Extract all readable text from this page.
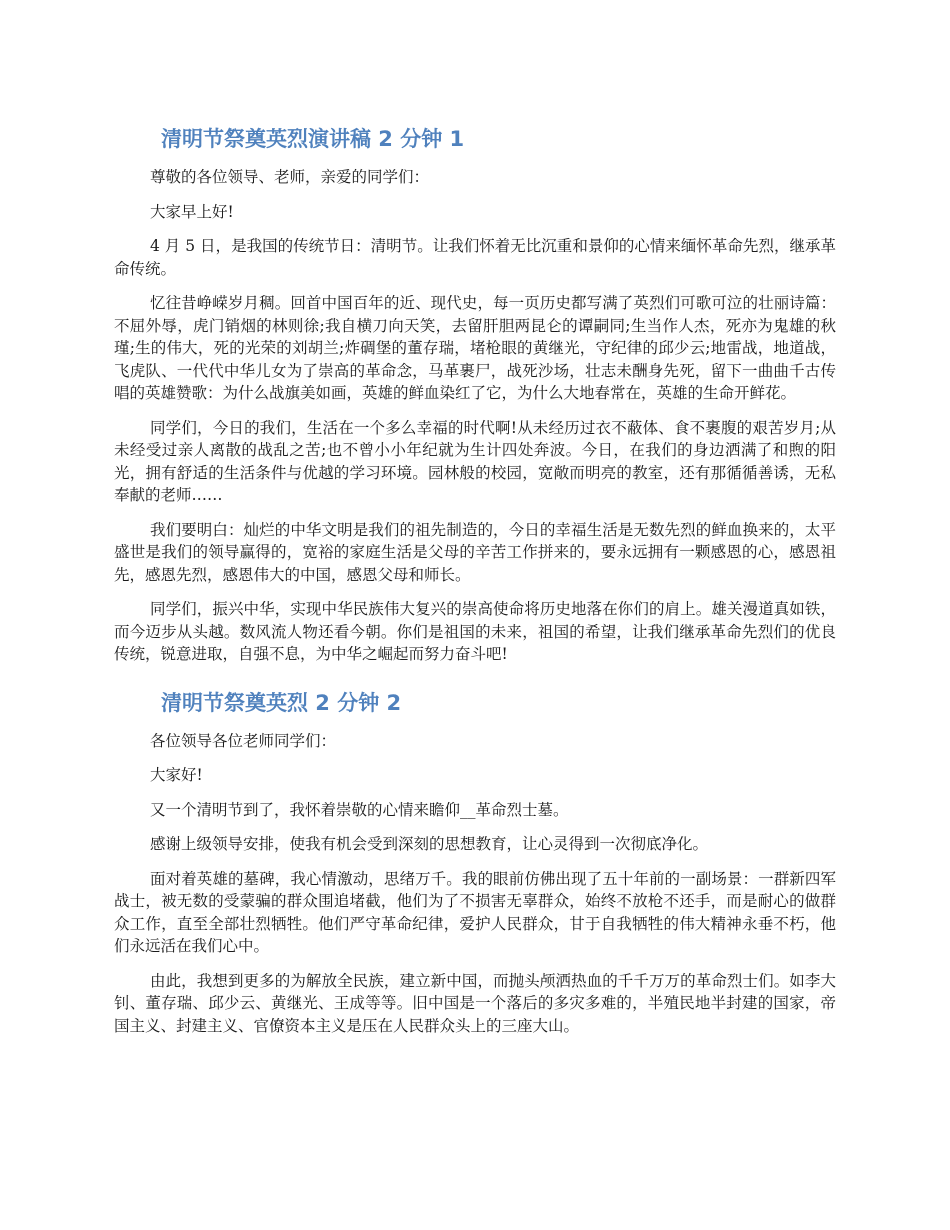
清明节祭奠英烈演讲稿 2 分钟 1

尊敬的各位领导、老师，亲爱的同学们：

大家早上好!

4 月 5 日，是我国的传统节日：清明节。让我们怀着无比沉重和景仰的心情来缅怀革命先烈，继承革命传统。

忆往昔峥嵘岁月稠。回首中国百年的近、现代史，每一页历史都写满了英烈们可歌可泣的壮丽诗篇：不屈外辱，虎门销烟的林则徐;我自横刀向天笑，去留肝胆两昆仑的谭嗣同;生当作人杰，死亦为鬼雄的秋瑾;生的伟大，死的光荣的刘胡兰;炸碉堡的董存瑞，堵枪眼的黄继光，守纪律的邱少云;地雷战，地道战，飞虎队、一代代中华儿女为了崇高的革命念，马革裹尸，战死沙场，壮志未酬身先死，留下一曲曲千古传唱的英雄赞歌：为什么战旗美如画，英雄的鲜血染红了它，为什么大地春常在，英雄的生命开鲜花。

同学们，今日的我们，生活在一个多么幸福的时代啊!从未经历过衣不蔽体、食不裹腹的艰苦岁月;从未经受过亲人离散的战乱之苦;也不曾小小年纪就为生计四处奔波。今日，在我们的身边洒满了和煦的阳光，拥有舒适的生活条件与优越的学习环境。园林般的校园，宽敞而明亮的教室，还有那循循善诱，无私奉献的老师……

我们要明白：灿烂的中华文明是我们的祖先制造的，今日的幸福生活是无数先烈的鲜血换来的，太平盛世是我们的领导赢得的，宽裕的家庭生活是父母的辛苦工作拼来的，要永远拥有一颗感恩的心，感恩祖先，感恩先烈，感恩伟大的中国，感恩父母和师长。

同学们，振兴中华，实现中华民族伟大复兴的崇高使命将历史地落在你们的肩上。雄关漫道真如铁，而今迈步从头越。数风流人物还看今朝。你们是祖国的未来，祖国的希望，让我们继承革命先烈们的优良传统，锐意进取，自强不息，为中华之崛起而努力奋斗吧!

清明节祭奠英烈 2 分钟 2

各位领导各位老师同学们：

大家好!

又一个清明节到了，我怀着崇敬的心情来瞻仰__革命烈士墓。

感谢上级领导安排，使我有机会受到深刻的思想教育，让心灵得到一次彻底净化。

面对着英雄的墓碑，我心情激动，思绪万千。我的眼前仿佛出现了五十年前的一副场景：一群新四军战士，被无数的受蒙骗的群众围追堵截，他们为了不损害无辜群众，始终不放枪不还手，而是耐心的做群众工作，直至全部壮烈牺牲。他们严守革命纪律，爱护人民群众，甘于自我牺牲的伟大精神永垂不朽，他们永远活在我们心中。

由此，我想到更多的为解放全民族，建立新中国，而抛头颅洒热血的千千万万的革命烈士们。如李大钊、董存瑞、邱少云、黄继光、王成等等。旧中国是一个落后的多灾多难的，半殖民地半封建的国家，帝国主义、封建主义、官僚资本主义是压在人民群众头上的三座大山。
